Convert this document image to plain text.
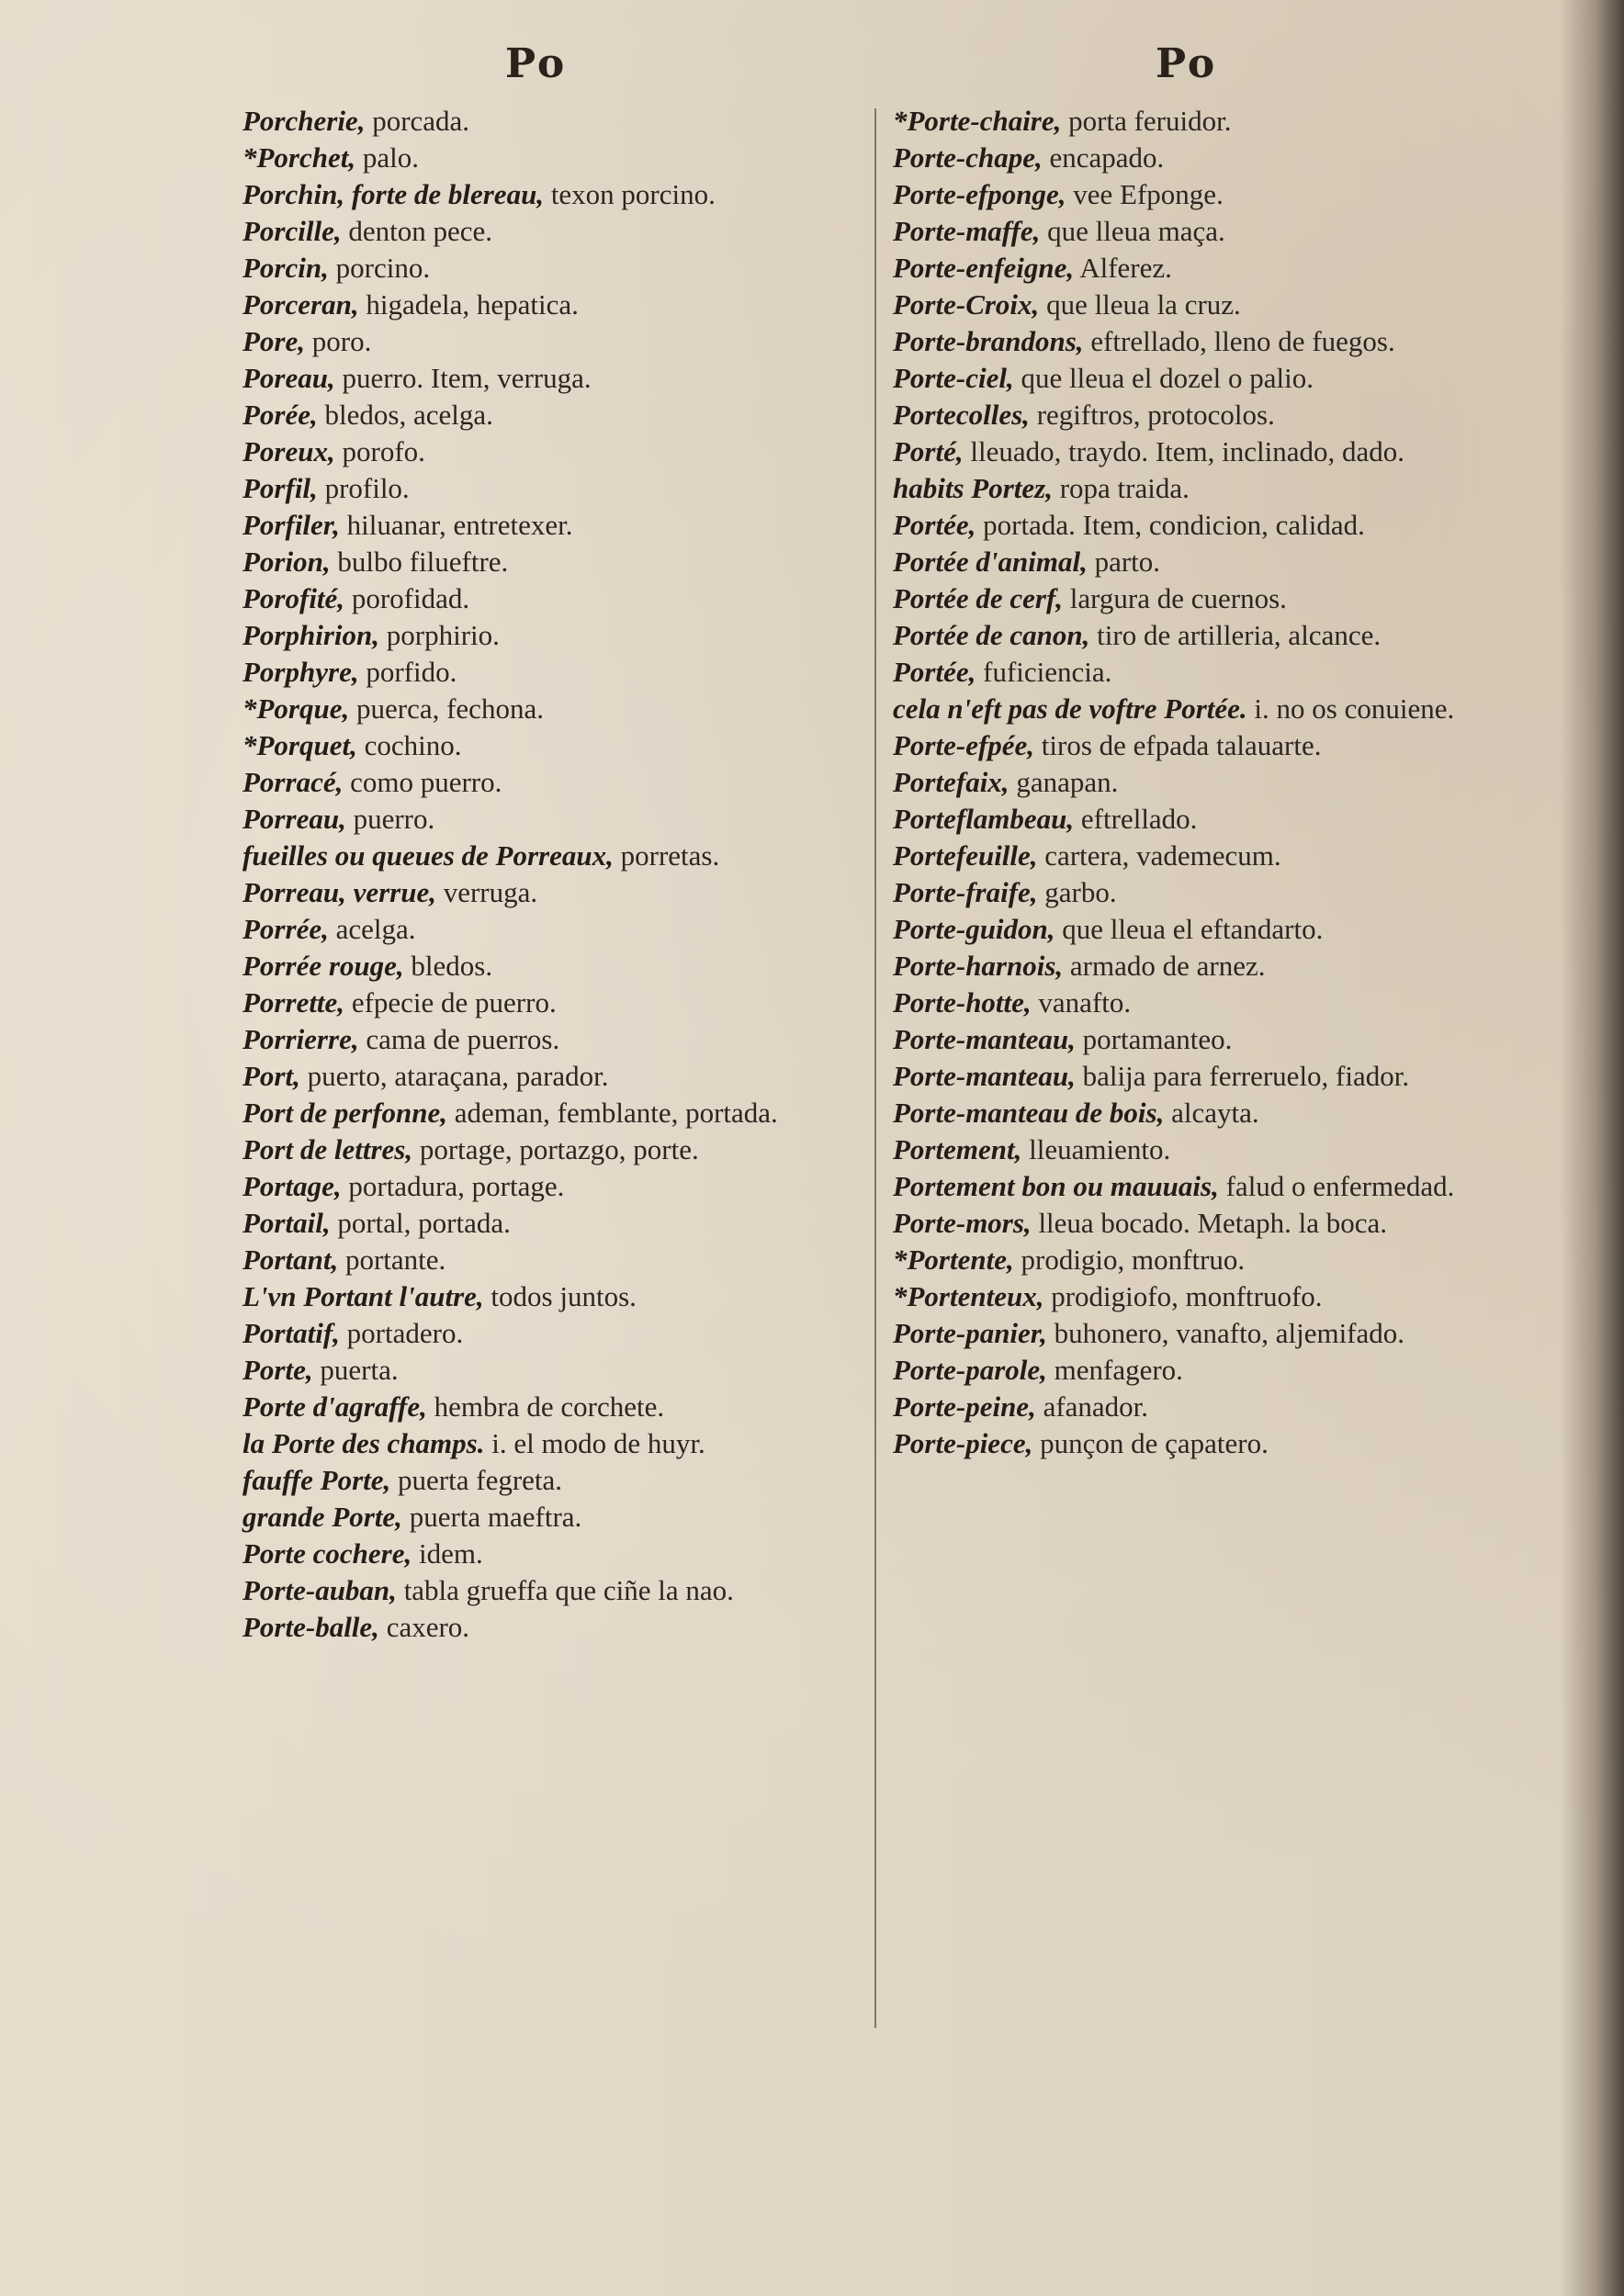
Po	Po

Porcherie, porcada.

*Porchet, palo.

Porchin, forte de blereau, texon porcino.

Porcille, denton pece.

Porcin, porcino.

Porceran, higadela, hepatica.

Pore, poro.

Poreau, puerro. Item, verruga.

Porée, bledos, acelga.

Poreux, porofo.

Porfil, profilo.

Porfiler, hiluanar, entretexer.

Porion, bulbo filueftre.

Porofité, porofidad.

Porphirion, porphirio.

Porphyre, porfido.

*Porque, puerca, fechona.

*Porquet, cochino.

Porracé, como puerro.

Porreau, puerro.

fueilles ou queues de Porreaux, porretas.

Porreau, verrue, verruga.

Porrée, acelga.

Porrée rouge, bledos.

Porrette, efpecie de puerro.

Porrierre, cama de puerros.

Port, puerto, ataraçana, parador.

Port de perfonne, ademan, femblante, portada.

Port de lettres, portage, portazgo, porte.

Portage, portadura, portage.

Portail, portal, portada.

Portant, portante.

L'vn Portant l'autre, todos juntos.

Portatif, portadero.

Porte, puerta.

Porte d'agraffe, hembra de corchete.

la Porte des champs. i. el modo de huyr.

fauffe Porte, puerta fegreta.

grande Porte, puerta maeftra.

Porte cochere, idem.

Porte-auban, tabla grueffa que ciñe la nao.

Porte-balle, caxero.

*Porte-chaire, porta feruidor.

Porte-chape, encapado.

Porte-efponge, vee Efponge.

Porte-maffe, que lleua maça.

Porte-enfeigne, Alferez.

Porte-Croix, que lleua la cruz.

Porte-brandons, eftrellado, lleno de fuegos.

Porte-ciel, que lleua el dozel o palio.

Portecolles, regiftros, protocolos.

Porté, lleuado, traydo. Item, inclinado, dado.

habits Portez, ropa traida.

Portée, portada. Item, condicion, calidad.

Portée d'animal, parto.

Portée de cerf, largura de cuernos.

Portée de canon, tiro de artilleria, alcance.

Portée, fuficiencia.

cela n'eft pas de voftre Portée. i. no os conuiene.

Porte-efpée, tiros de efpada talauarte.

Portefaix, ganapan.

Porteflambeau, eftrellado.

Portefeuille, cartera, vademecum.

Porte-fraife, garbo.

Porte-guidon, que lleua el eftandarto.

Porte-harnois, armado de arnez.

Porte-hotte, vanafto.

Porte-manteau, portamanteo.

Porte-manteau, balija para ferreruelo, fiador.

Porte-manteau de bois, alcayta.

Portement, lleuamiento.

Portement bon ou mauuais, falud o enfermedad.

Porte-mors, lleua bocado. Metaph. la boca.

*Portente, prodigio, monftruo.

*Portenteux, prodigiofo, monftruofo.

Porte-panier, buhonero, vanafto, aljemifado.

Porte-parole, menfagero.

Porte-peine, afanador.

Porte-piece, punçon de çapatero.
